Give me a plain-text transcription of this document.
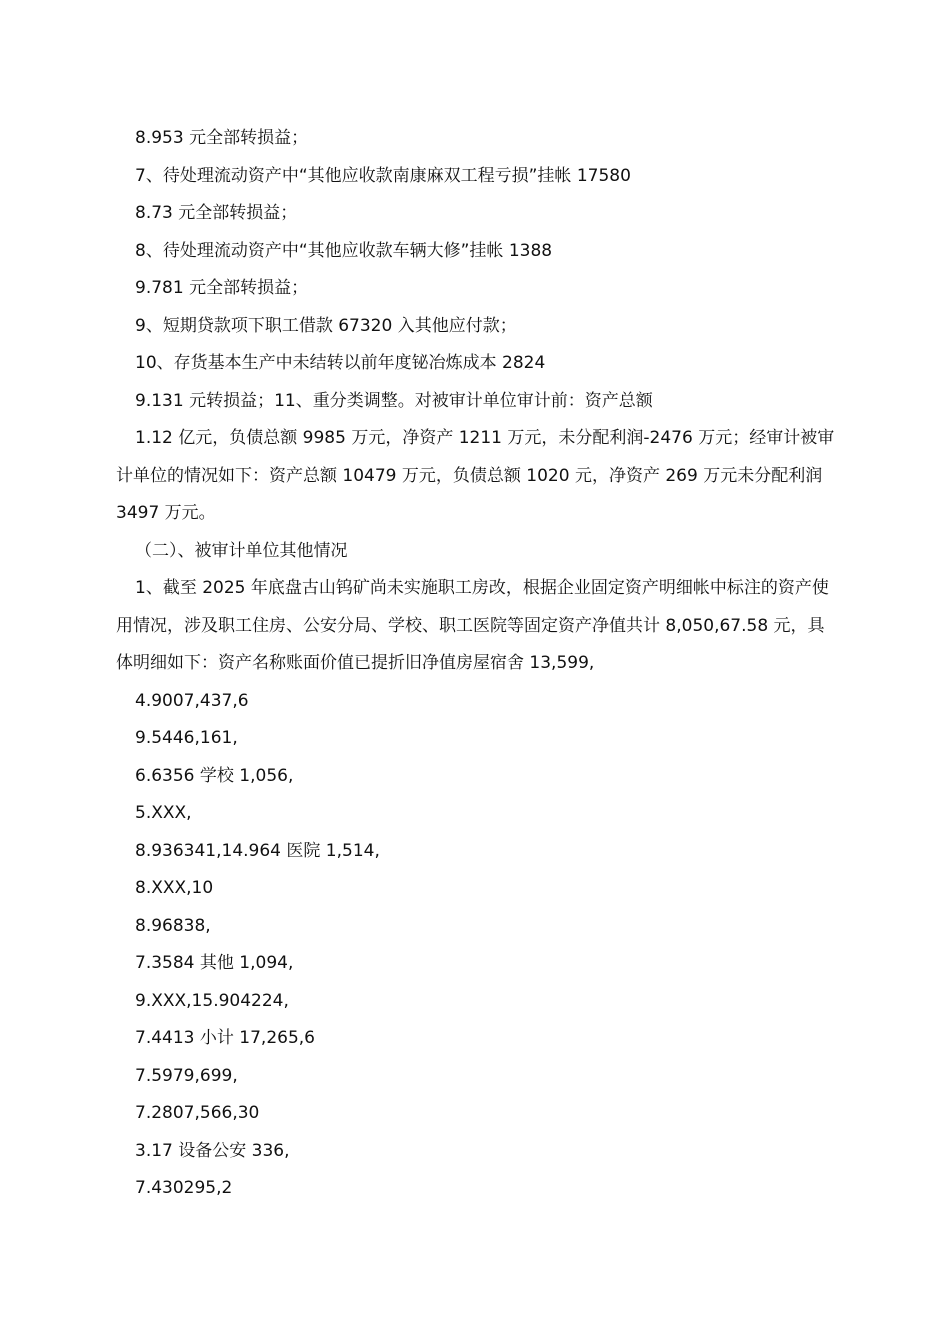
8.953 元全部转损益；

7、待处理流动资产中“其他应收款南康麻双工程亏损”挂帐 17580

8.73 元全部转损益；

8、待处理流动资产中“其他应收款车辆大修”挂帐 1388

9.781 元全部转损益；

9、短期贷款项下职工借款 67320 入其他应付款；

10、存货基本生产中未结转以前年度铋冶炼成本 2824

9.131 元转损益；11、重分类调整。对被审计单位审计前：资产总额

1.12 亿元，负债总额 9985 万元，净资产 1211 万元，未分配利润-2476 万元；经审计被审计单位的情况如下：资产总额 10479 万元，负债总额 1020 元，净资产 269 万元未分配利润 3497 万元。

（二）、被审计单位其他情况

1、截至 2025 年底盘古山钨矿尚未实施职工房改，根据企业固定资产明细帐中标注的资产使用情况，涉及职工住房、公安分局、学校、职工医院等固定资产净值共计 8,050,67.58 元，具体明细如下：资产名称账面价值已提折旧净值房屋宿舍 13,599,

4.9007,437,6

9.5446,161,

6.6356 学校 1,056,

5.XXX,

8.936341,14.964 医院 1,514,

8.XXX,10

8.96838,

7.3584 其他 1,094,

9.XXX,15.904224,

7.4413 小计 17,265,6

7.5979,699,

7.2807,566,30

3.17 设备公安 336,

7.430295,2
